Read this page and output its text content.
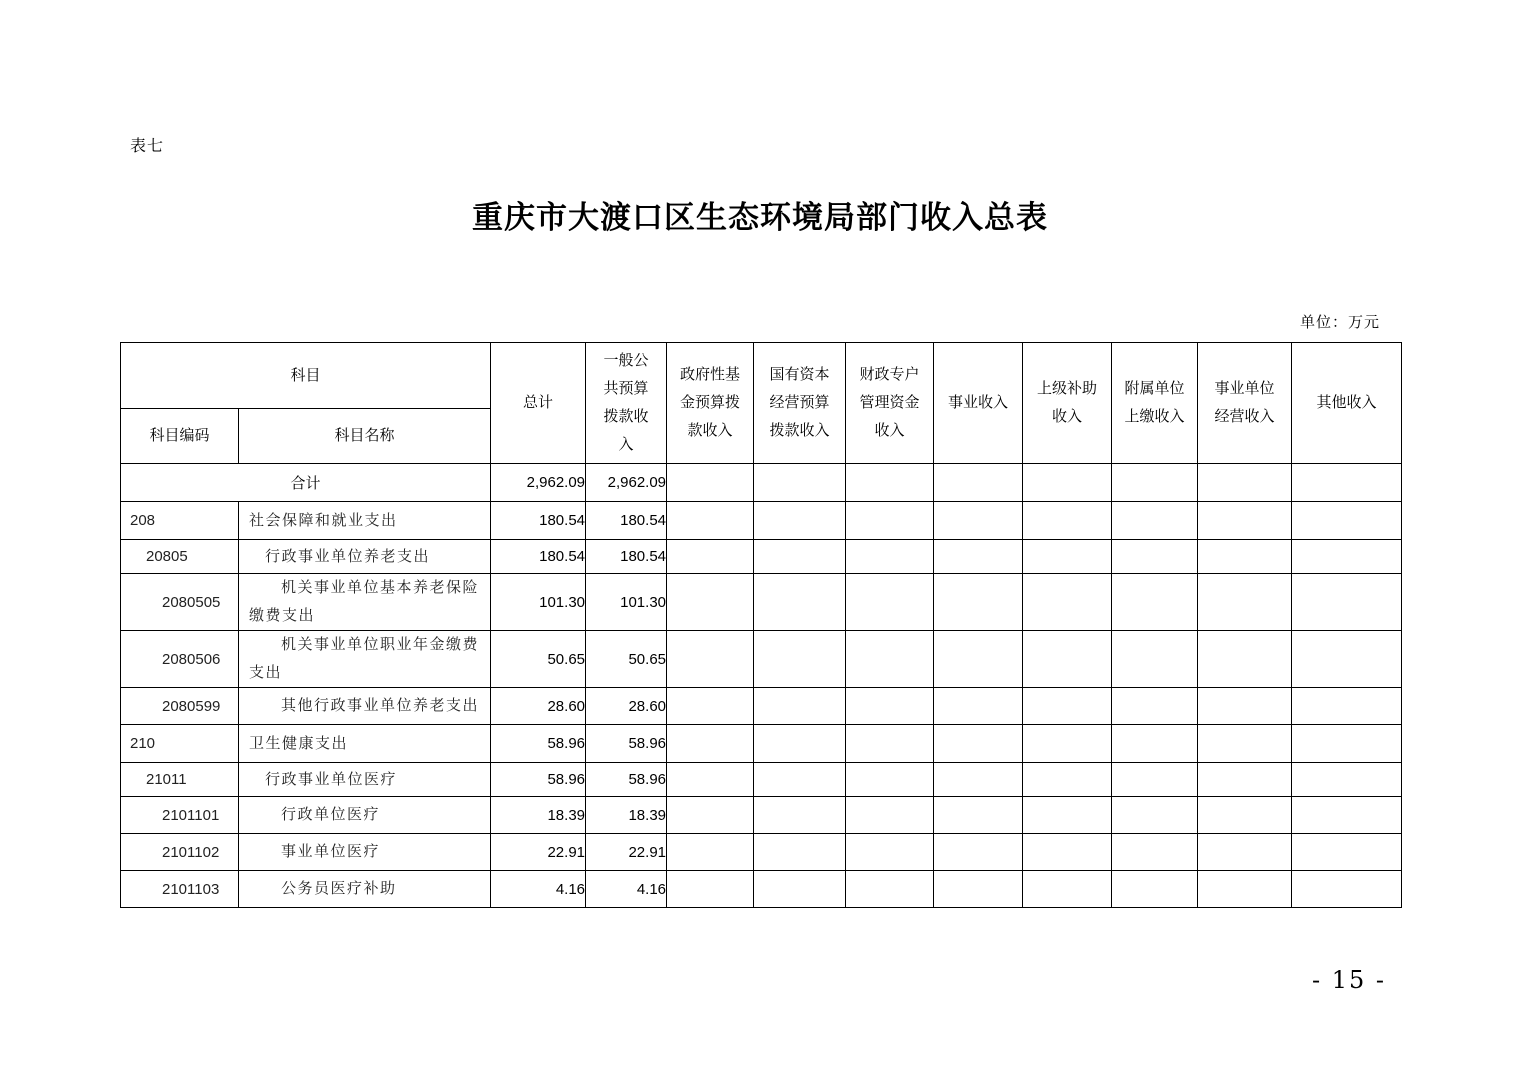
表七
重庆市大渡口区生态环境局部门收入总表
单位：万元
科目		总计	一般公共预算拨款收入	政府性基金预算拨款收入	国有资本经营预算拨款收入	财政专户管理资金收入	事业收入	上级补助收入	附属单位上缴收入	事业单位经营收入	其他收入
科目编码	科目名称										
合计		2,962.09	2,962.09								
208	社会保障和就业支出	180.54	180.54								
20805	行政事业单位养老支出	180.54	180.54								
2080505	机关事业单位基本养老保险缴费支出	101.30	101.30								
2080506	机关事业单位职业年金缴费支出	50.65	50.65								
2080599	其他行政事业单位养老支出	28.60	28.60								
210	卫生健康支出	58.96	58.96								
21011	行政事业单位医疗	58.96	58.96								
2101101	行政单位医疗	18.39	18.39								
2101102	事业单位医疗	22.91	22.91								
2101103	公务员医疗补助	4.16	4.16								
- 15 -
